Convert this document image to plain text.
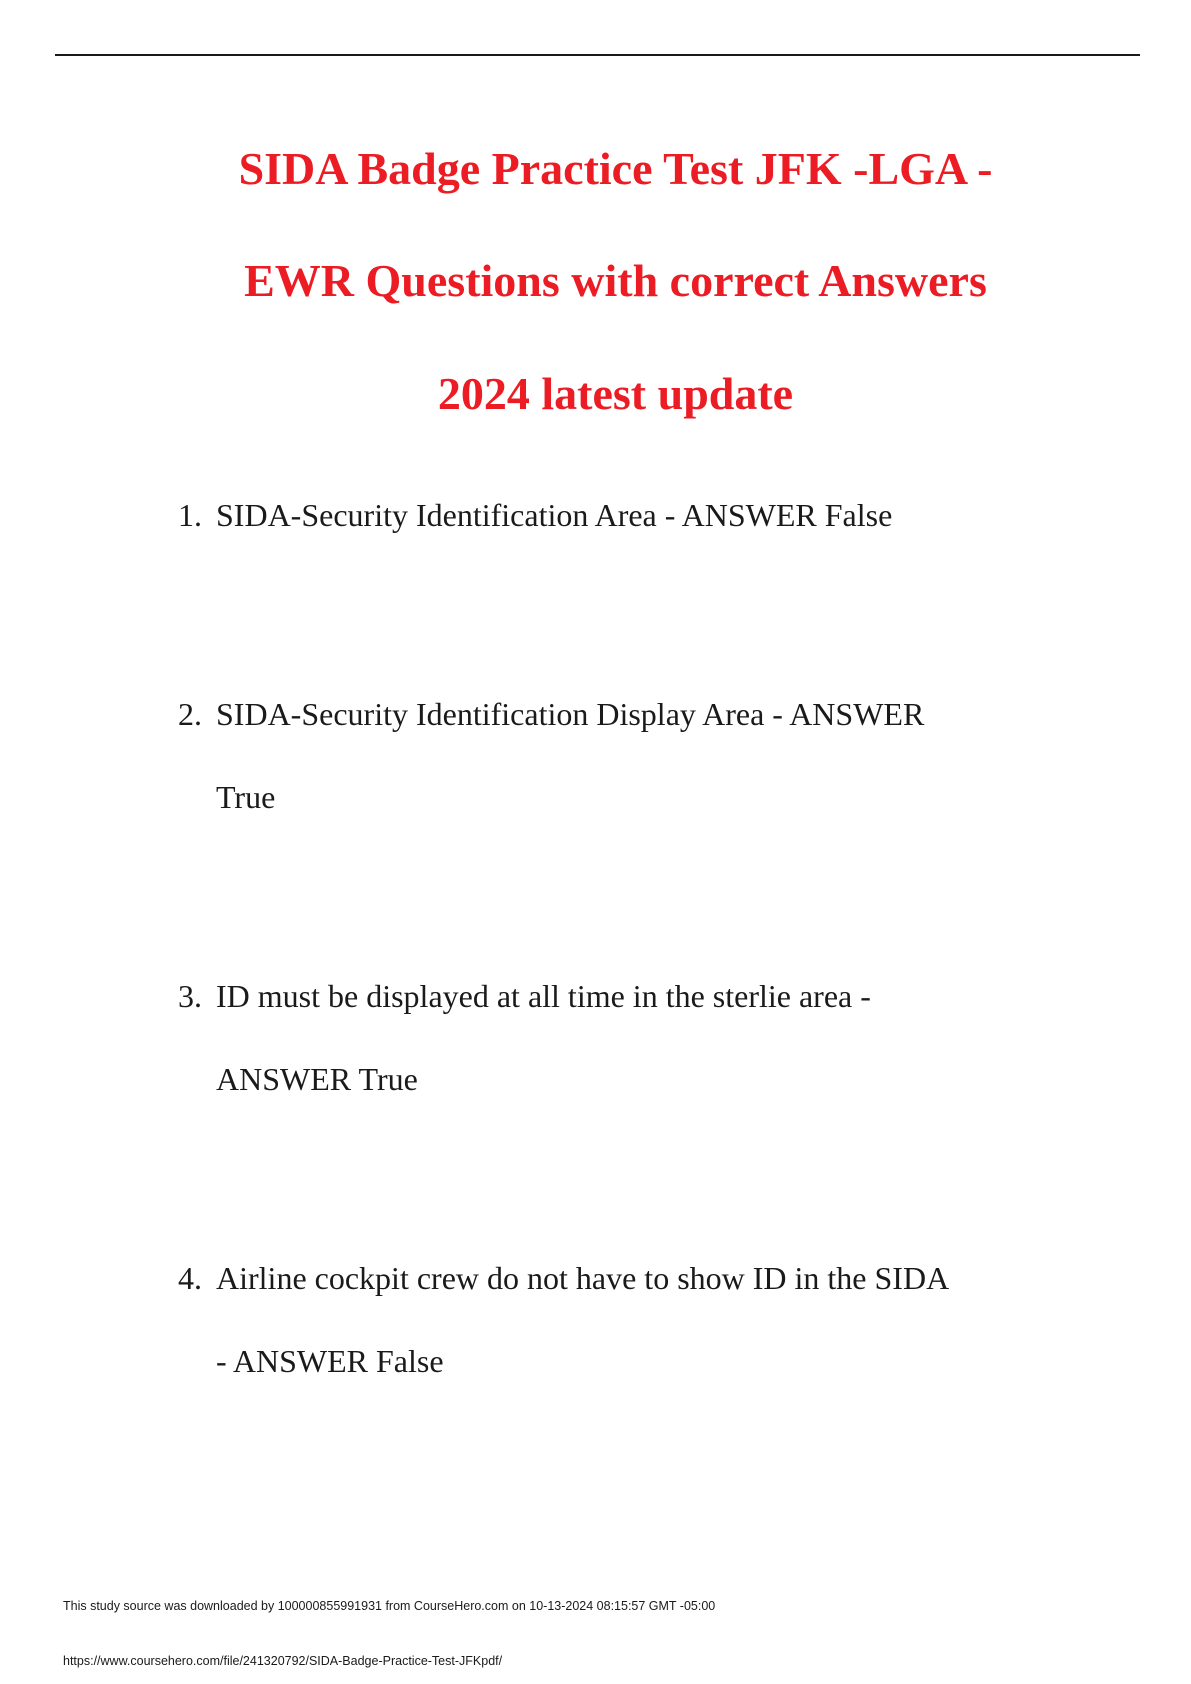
SIDA Badge Practice Test JFK -LGA -
EWR Questions with correct Answers
2024 latest update
1. SIDA-Security Identification Area - ANSWER False
2. SIDA-Security Identification Display Area - ANSWER
True
3. ID must be displayed at all time in the sterlie area -
ANSWER True
4. Airline cockpit crew do not have to show ID in the SIDA
- ANSWER False
This study source was downloaded by 100000855991931 from CourseHero.com on 10-13-2024 08:15:57 GMT -05:00
https://www.coursehero.com/file/241320792/SIDA-Badge-Practice-Test-JFKpdf/
